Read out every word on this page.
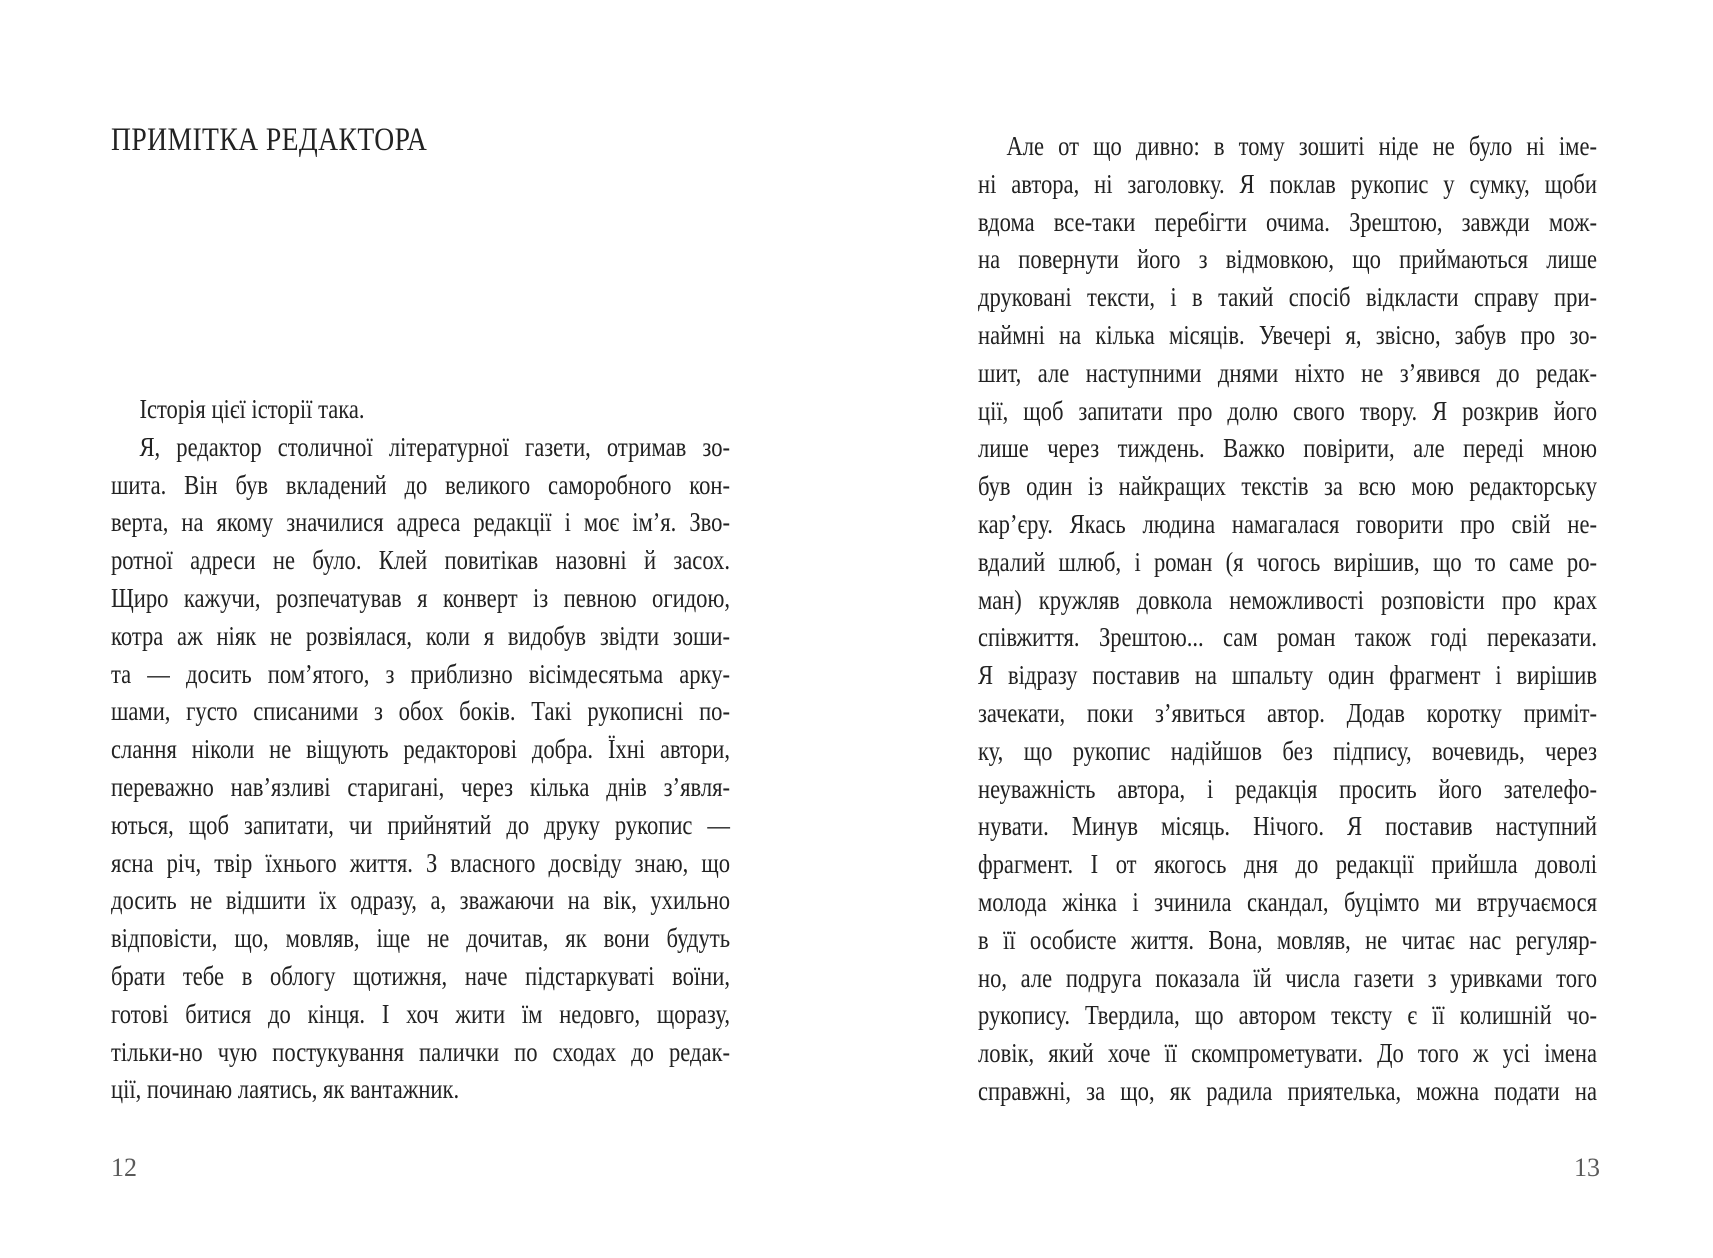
ПРИМІТКА РЕДАКТОРА
Історія цієї історії така.
Я, редактор столичної літературної газети, отримав зо-
шита. Він був вкладений до великого саморобного кон-
верта, на якому значилися адреса редакції і моє ім’я. Зво-
ротної адреси не було. Клей повитікав назовні й засох.
Щиро кажучи, розпечатував я конверт із певною огидою,
котра аж ніяк не розвіялася, коли я видобув звідти зоши-
та — досить пом’ятого, з приблизно вісімдесятьма арку-
шами, густо списаними з обох боків. Такі рукописні по-
слання ніколи не віщують редакторові добра. Їхні автори,
переважно нав’язливі старигані, через кілька днів з’явля-
ються, щоб запитати, чи прийнятий до друку рукопис —
ясна річ, твір їхнього життя. З власного досвіду знаю, що
досить не відшити їх одразу, а, зважаючи на вік, ухильно
відповісти, що, мовляв, іще не дочитав, як вони будуть
брати тебе в облогу щотижня, наче підстаркуваті воїни,
готові битися до кінця. І хоч жити їм недовго, щоразу,
тільки-но чую постукування палички по сходах до редак-
ції, починаю лаятись, як вантажник.
Але от що дивно: в тому зошиті ніде не було ні іме-
ні автора, ні заголовку. Я поклав рукопис у сумку, щоби
вдома все-таки перебігти очима. Зрештою, завжди мож-
на повернути його з відмовкою, що приймаються лише
друковані тексти, і в такий спосіб відкласти справу при-
наймні на кілька місяців. Увечері я, звісно, забув про зо-
шит, але наступними днями ніхто не з’явився до редак-
ції, щоб запитати про долю свого твору. Я розкрив його
лише через тиждень. Важко повірити, але переді мною
був один із найкращих текстів за всю мою редакторську
кар’єру. Якась людина намагалася говорити про свій не-
вдалий шлюб, і роман (я чогось вирішив, що то саме ро-
ман) кружляв довкола неможливості розповісти про крах
співжиття. Зрештою... сам роман також годі переказати.
Я відразу поставив на шпальту один фрагмент і вирішив
зачекати, поки з’явиться автор. Додав коротку приміт-
ку, що рукопис надійшов без підпису, вочевидь, через
неуважність автора, і редакція просить його зателефо-
нувати. Минув місяць. Нічого. Я поставив наступний
фрагмент. І от якогось дня до редакції прийшла доволі
молода жінка і зчинила скандал, буцімто ми втручаємося
в її особисте життя. Вона, мовляв, не читає нас регуляр-
но, але подруга показала їй числа газети з уривками того
рукопису. Твердила, що автором тексту є її колишній чо-
ловік, який хоче її скомпрометувати. До того ж усі імена
справжні, за що, як радила приятелька, можна подати на
12	13
